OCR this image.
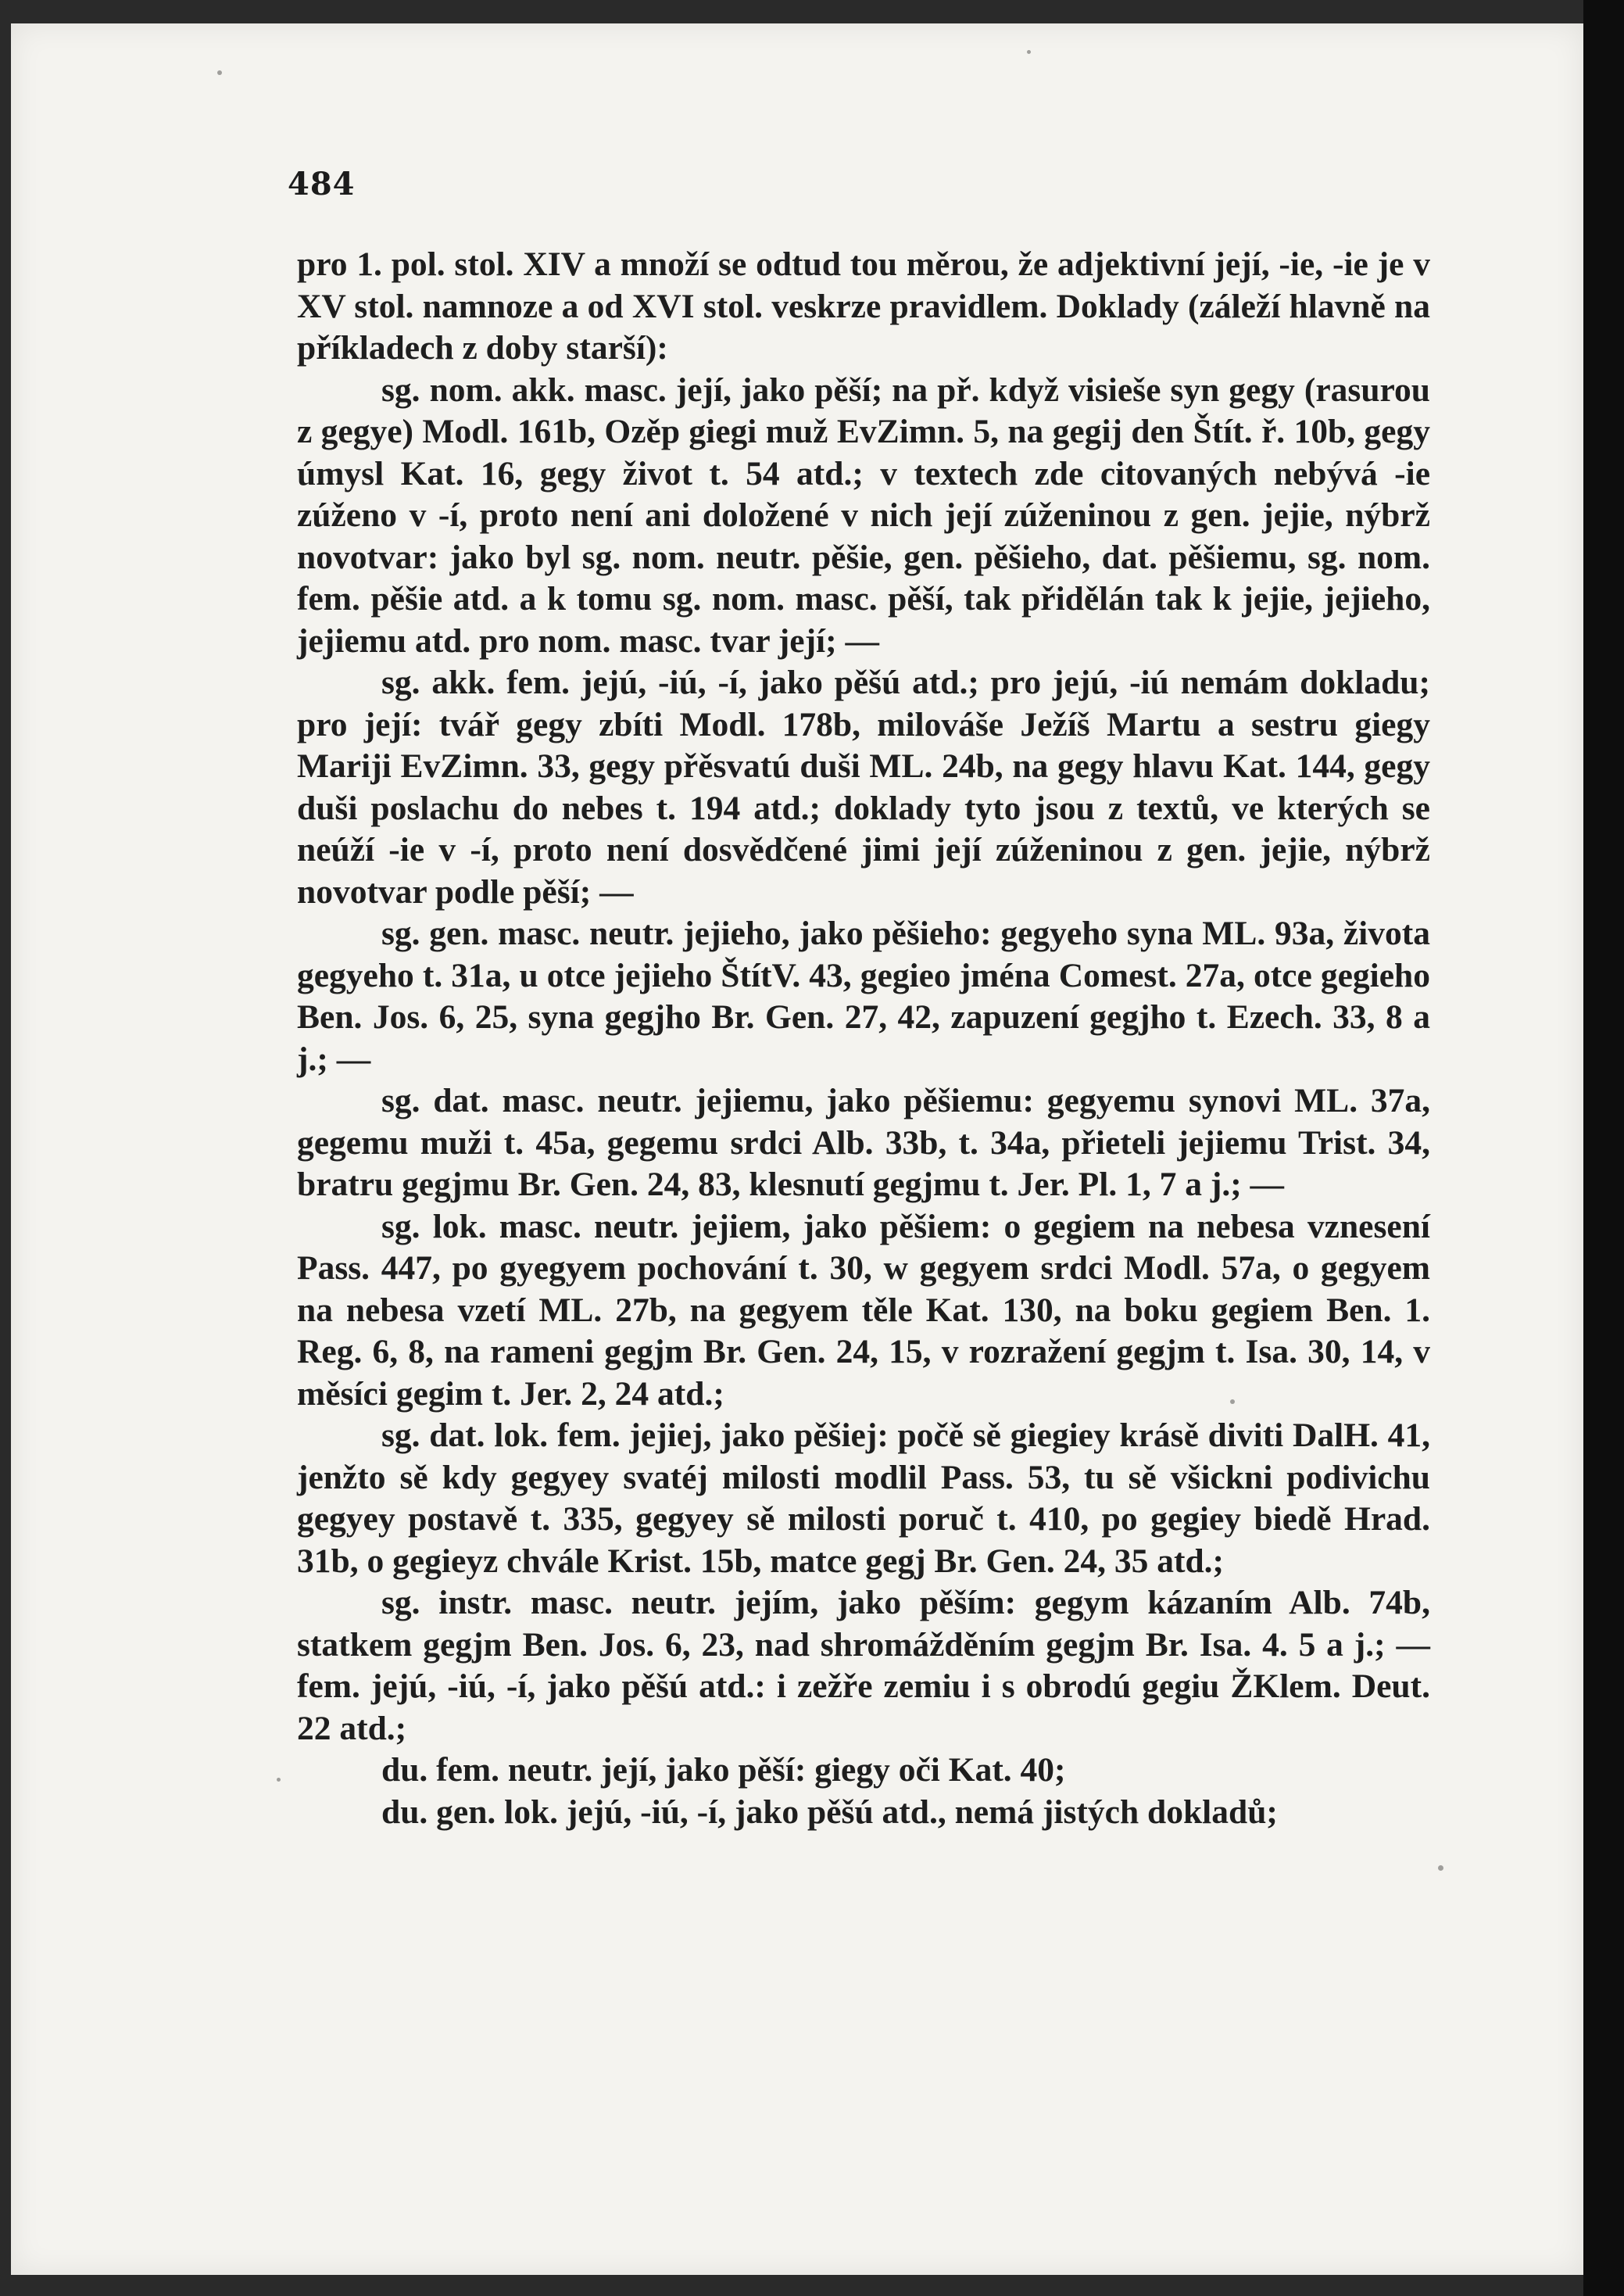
484

pro 1. pol. stol. XIV a množí se odtud tou měrou, že adjektivní její, -ie, -ie je v XV stol. namnoze a od XVI stol. veskrze pravidlem. Doklady (záleží hlavně na příkladech z doby starší):

sg. nom. akk. masc. její, jako pěší; na př. když visieše syn gegy (rasurou z gegye) Modl. 161b, Ozěp giegi muž EvZimn. 5, na gegij den Štít. ř. 10b, gegy úmysl Kat. 16, gegy život t. 54 atd.; v textech zde citovaných nebývá -ie zúženo v -í, proto není ani doložené v nich její zúženinou z gen. jejie, nýbrž novotvar: jako byl sg. nom. neutr. pěšie, gen. pěšieho, dat. pěšiemu, sg. nom. fem. pěšie atd. a k tomu sg. nom. masc. pěší, tak přidělán tak k jejie, jejieho, jejiemu atd. pro nom. masc. tvar její; —

sg. akk. fem. jejú, -iú, -í, jako pěšú atd.; pro jejú, -iú nemám dokladu; pro její: tvář gegy zbíti Modl. 178b, milováše Ježíš Martu a sestru giegy Mariji EvZimn. 33, gegy přěsvatú duši ML. 24b, na gegy hlavu Kat. 144, gegy duši poslachu do nebes t. 194 atd.; doklady tyto jsou z textů, ve kterých se neúží -ie v -í, proto není dosvědčené jimi její zúženinou z gen. jejie, nýbrž novotvar podle pěší; —

sg. gen. masc. neutr. jejieho, jako pěšieho: gegyeho syna ML. 93a, života gegyeho t. 31a, u otce jejieho ŠtítV. 43, gegieo jména Comest. 27a, otce gegieho Ben. Jos. 6, 25, syna gegjho Br. Gen. 27, 42, zapuzení gegjho t. Ezech. 33, 8 a j.; —

sg. dat. masc. neutr. jejiemu, jako pěšiemu: gegyemu synovi ML. 37a, gegemu muži t. 45a, gegemu srdci Alb. 33b, t. 34a, přieteli jejiemu Trist. 34, bratru gegjmu Br. Gen. 24, 83, klesnutí gegjmu t. Jer. Pl. 1, 7 a j.; —

sg. lok. masc. neutr. jejiem, jako pěšiem: o gegiem na nebesa vznesení Pass. 447, po gyegyem pochování t. 30, w gegyem srdci Modl. 57a, o gegyem na nebesa vzetí ML. 27b, na gegyem těle Kat. 130, na boku gegiem Ben. 1. Reg. 6, 8, na rameni gegjm Br. Gen. 24, 15, v rozražení gegjm t. Isa. 30, 14, v měsíci gegim t. Jer. 2, 24 atd.;

sg. dat. lok. fem. jejiej, jako pěšiej: počě sě giegiey krásě diviti DalH. 41, jenžto sě kdy gegyey svatéj milosti modlil Pass. 53, tu sě všickni podivichu gegyey postavě t. 335, gegyey sě milosti poruč t. 410, po gegiey biedě Hrad. 31b, o gegieyz chvále Krist. 15b, matce gegj Br. Gen. 24, 35 atd.;

sg. instr. masc. neutr. jejím, jako pěším: gegym kázaním Alb. 74b, statkem gegjm Ben. Jos. 6, 23, nad shromážděním gegjm Br. Isa. 4. 5 a j.; — fem. jejú, -iú, -í, jako pěšú atd.: i zežře zemiu i s obrodú gegiu ŽKlem. Deut. 22 atd.;

du. fem. neutr. její, jako pěší: giegy oči Kat. 40;

du. gen. lok. jejú, -iú, -í, jako pěšú atd., nemá jistých dokladů;
